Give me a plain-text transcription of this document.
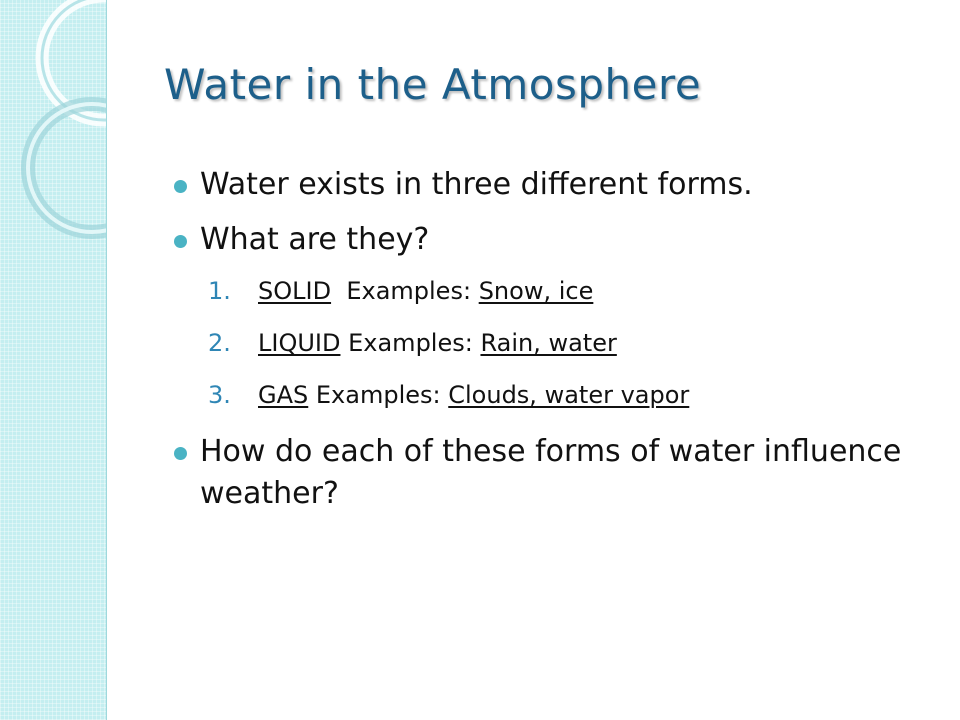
Water in the Atmosphere
Water exists in three different forms.
What are they?
1. SOLID Examples: Snow, ice
2. LIQUID Examples: Rain, water
3. GAS Examples: Clouds, water vapor
How do each of these forms of water influence weather?
